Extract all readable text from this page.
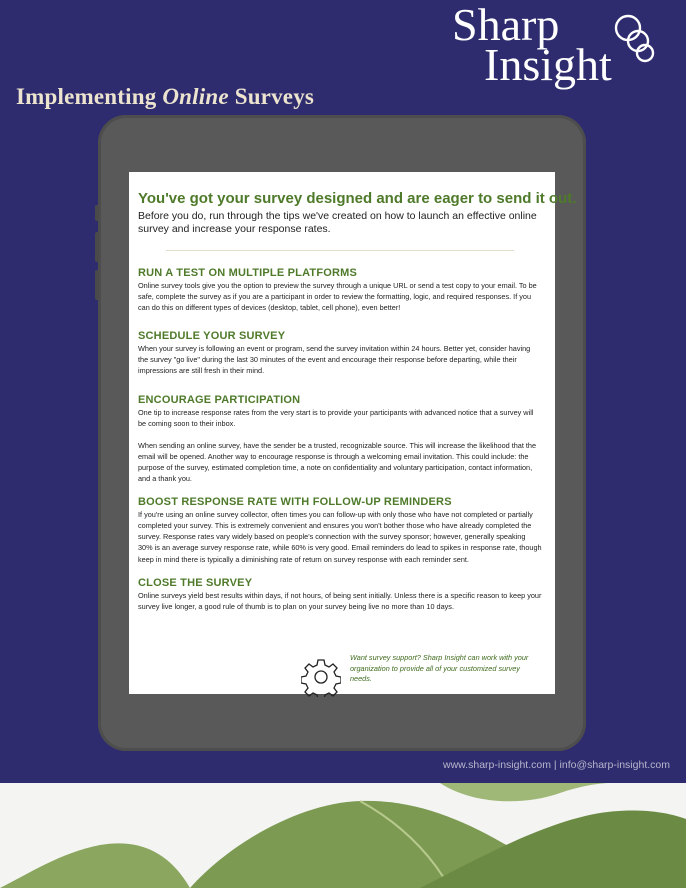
Implementing Online Surveys
Sharp
Insight

You've got your survey designed and are eager to send it out.

Before you do, run through the tips we've created on how to launch an effective online survey and increase your response rates.

RUN A TEST ON MULTIPLE PLATFORMS

Online survey tools give you the option to preview the survey through a unique URL or send a test copy to your email. To be safe, complete the survey as if you are a participant in order to review the formatting, logic, and required responses. If you can do this on different types of devices (desktop, tablet, cell phone), even better!

SCHEDULE YOUR SURVEY

When your survey is following an event or program, send the survey invitation within 24 hours. Better yet, consider having the survey "go live" during the last 30 minutes of the event and encourage their response before departing, while their impressions are still fresh in their mind.

ENCOURAGE PARTICIPATION

One tip to increase response rates from the very start is to provide your participants with advanced notice that a survey will be coming soon to their inbox.

When sending an online survey, have the sender be a trusted, recognizable source. This will increase the likelihood that the email will be opened. Another way to encourage response is through a welcoming email invitation. This could include: the purpose of the survey, estimated completion time, a note on confidentiality and voluntary participation, contact information, and a thank you.

BOOST RESPONSE RATE WITH FOLLOW-UP REMINDERS

If you're using an online survey collector, often times you can follow-up with only those who have not completed or partially completed your survey. This is extremely convenient and ensures you won't bother those who have already completed the survey. Response rates vary widely based on people's connection with the survey sponsor; however, generally speaking 30% is an average survey response rate, while 60% is very good. Email reminders do lead to spikes in response rate, though keep in mind there is typically a diminishing rate of return on survey response with each reminder sent.

CLOSE THE SURVEY

Online surveys yield best results within days, if not hours, of being sent initially. Unless there is a specific reason to keep your survey live longer, a good rule of thumb is to plan on your survey being live no more than 10 days.

Want survey support? Sharp Insight can work with your organization to provide all of your customized survey needs.
www.sharp-insight.com | info@sharp-insight.com
